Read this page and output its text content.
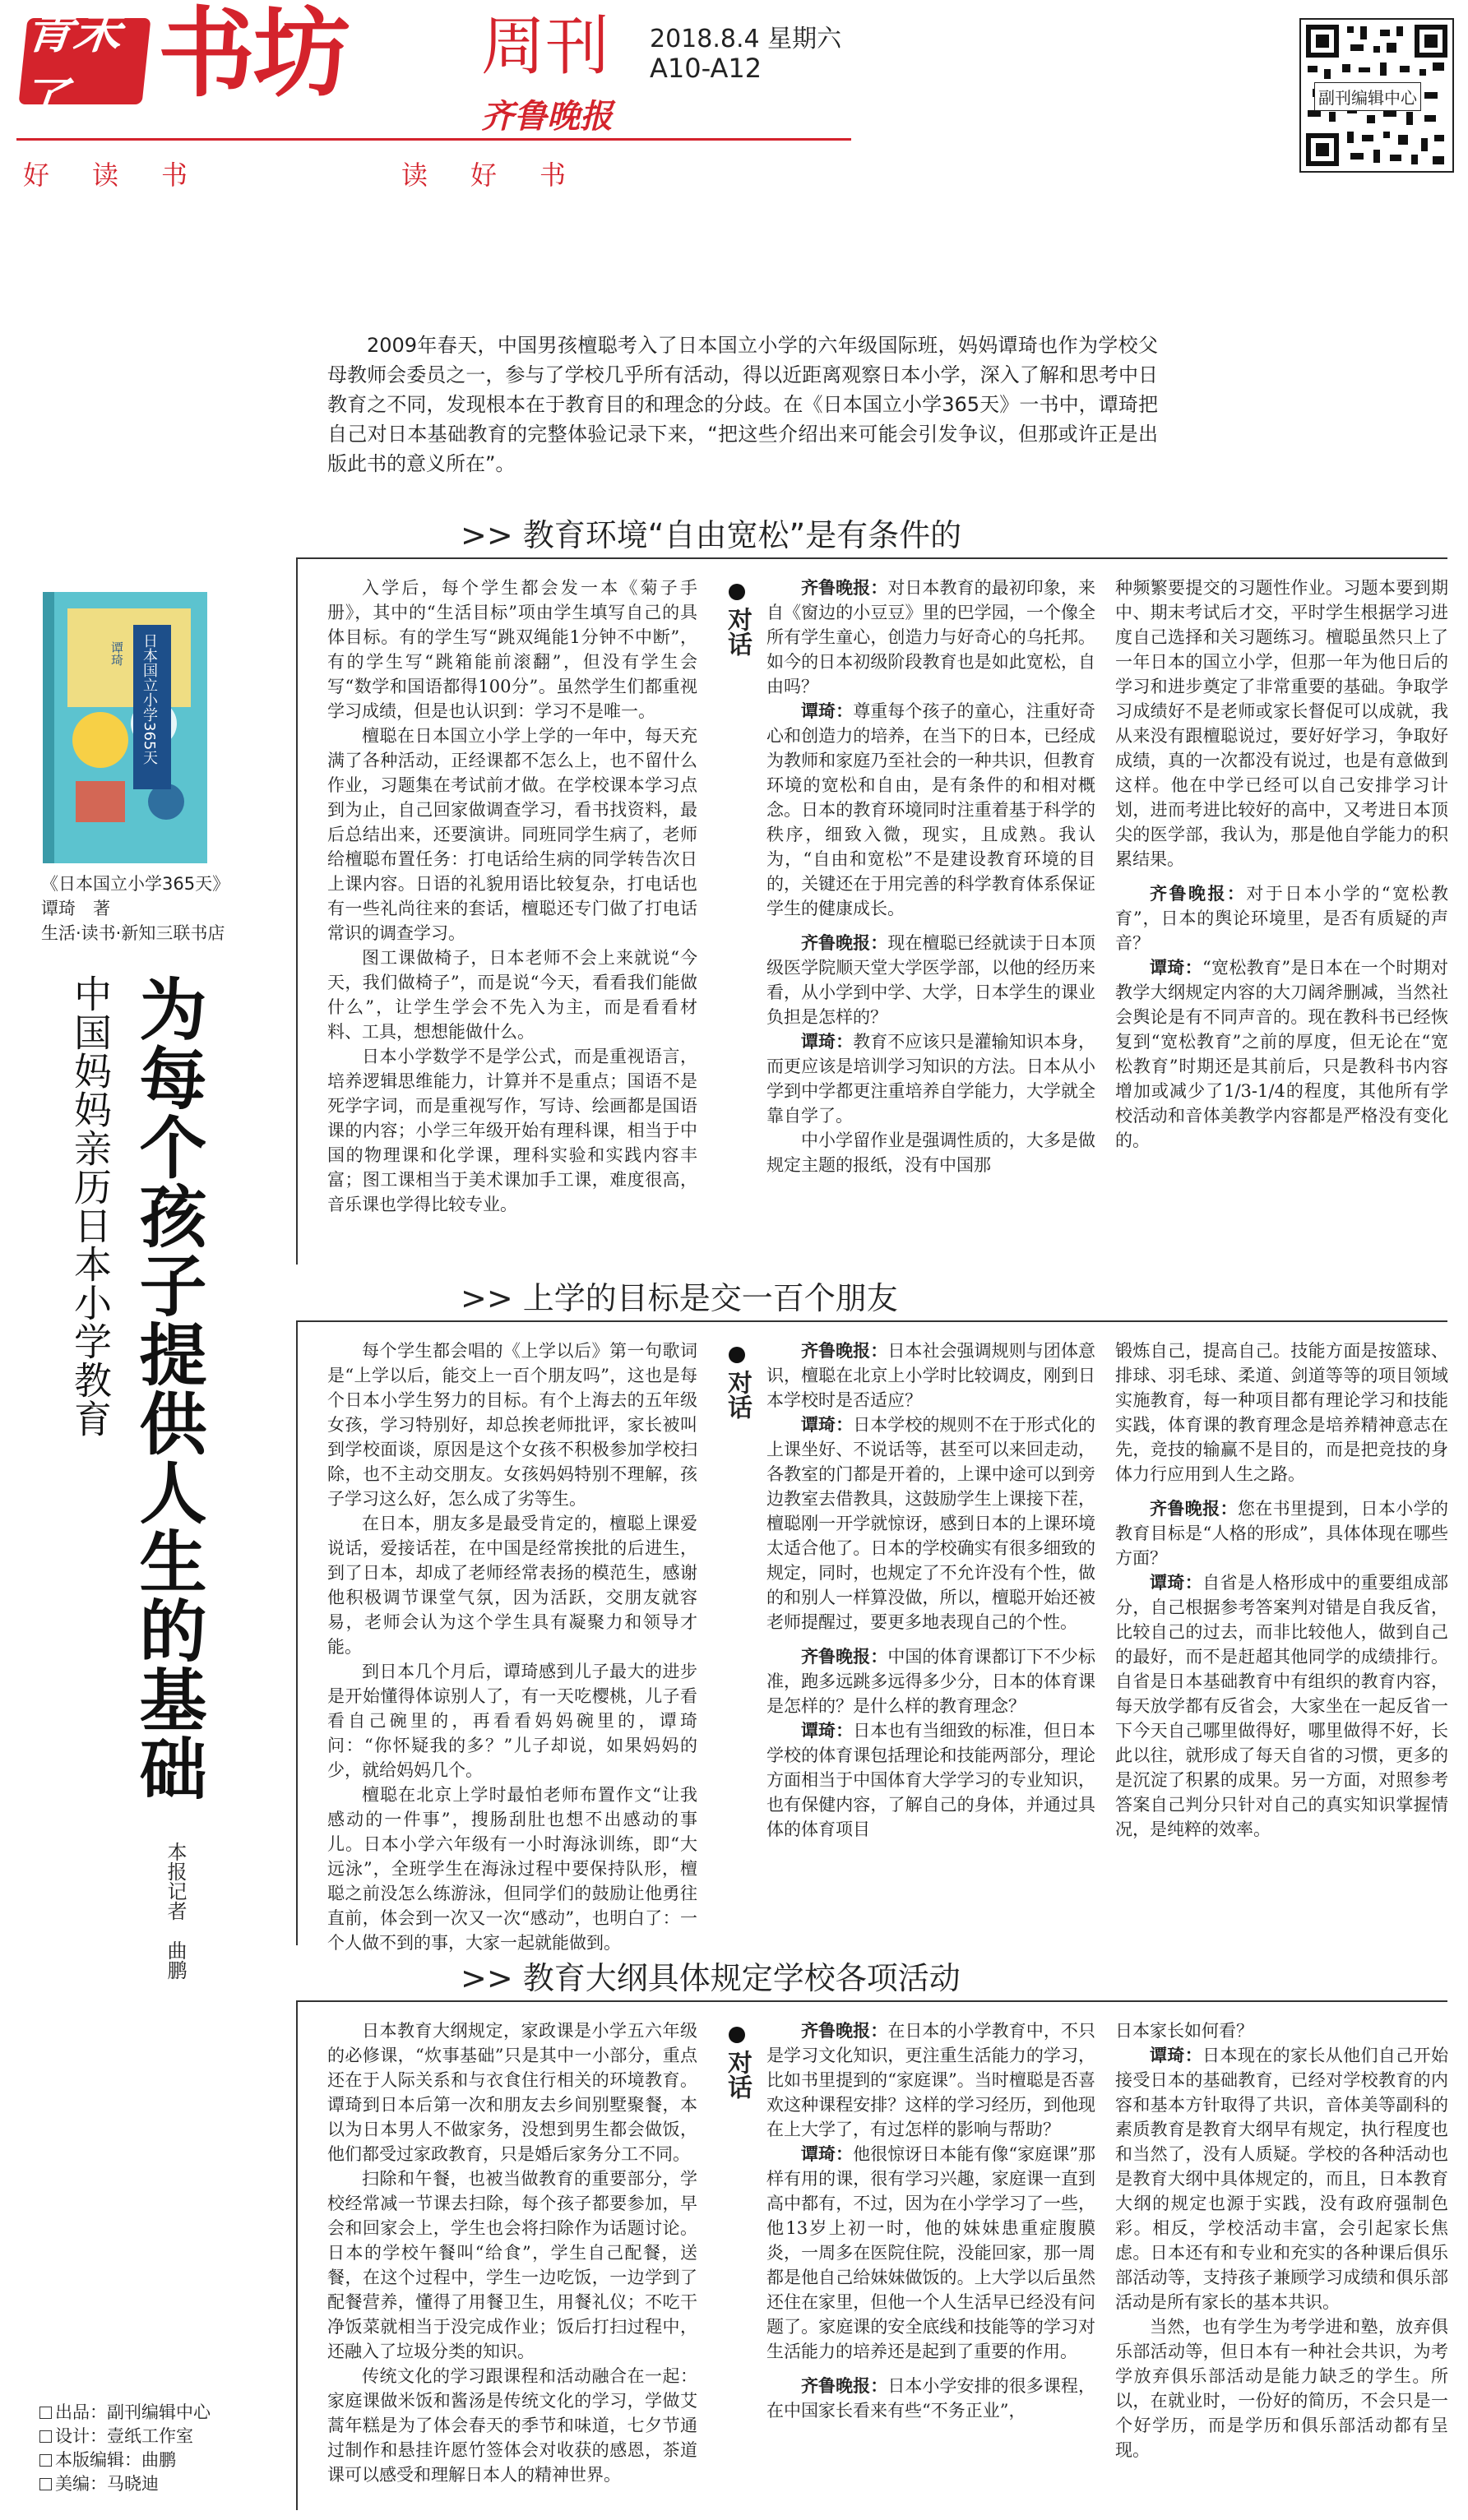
青未了 书坊 周刊
齐鲁晚报
2018.8.4 星期六
A10-A12
好读书	读好书
副刊编辑中心
2009年春天，中国男孩檀聪考入了日本国立小学的六年级国际班，妈妈谭琦也作为学校父母教师会委员之一，参与了学校几乎所有活动，得以近距离观察日本小学，深入了解和思考中日教育之不同，发现根本在于教育目的和理念的分歧。在《日本国立小学365天》一书中，谭琦把自己对日本基础教育的完整体验记录下来，“把这些介绍出来可能会引发争议，但那或许正是出版此书的意义所在”。
日本国立小学365天
谭琦
《日本国立小学365天》
谭琦　著
生活·读书·新知三联书店
为每个孩子提供人生的基础
中国妈妈亲历日本小学教育
本报记者　曲鹏
>> 教育环境“自由宽松”是有条件的

入学后，每个学生都会发一本《菊子手册》，其中的“生活目标”项由学生填写自己的具体目标。有的学生写“跳双绳能1分钟不中断”，有的学生写“跳箱能前滚翻”，但没有学生会写“数学和国语都得100分”。虽然学生们都重视学习成绩，但是也认识到：学习不是唯一。

檀聪在日本国立小学上学的一年中，每天充满了各种活动，正经课都不怎么上，也不留什么作业，习题集在考试前才做。在学校课本学习点到为止，自己回家做调查学习，看书找资料，最后总结出来，还要演讲。同班同学生病了，老师给檀聪布置任务：打电话给生病的同学转告次日上课内容。日语的礼貌用语比较复杂，打电话也有一些礼尚往来的套话，檀聪还专门做了打电话常识的调查学习。

图工课做椅子，日本老师不会上来就说“今天，我们做椅子”，而是说“今天，看看我们能做什么”，让学生学会不先入为主，而是看看材料、工具，想想能做什么。

日本小学数学不是学公式，而是重视语言，培养逻辑思维能力，计算并不是重点；国语不是死学字词，而是重视写作，写诗、绘画都是国语课的内容；小学三年级开始有理科课，相当于中国的物理课和化学课，理科实验和实践内容丰富；图工课相当于美术课加手工课，难度很高，音乐课也学得比较专业。

对话

齐鲁晚报：对日本教育的最初印象，来自《窗边的小豆豆》里的巴学园，一个像全所有学生童心，创造力与好奇心的乌托邦。如今的日本初级阶段教育也是如此宽松，自由吗？

谭琦：尊重每个孩子的童心，注重好奇心和创造力的培养，在当下的日本，已经成为教师和家庭乃至社会的一种共识，但教育环境的宽松和自由，是有条件的和相对概念。日本的教育环境同时注重着基于科学的秩序，细致入微，现实，且成熟。我认为，“自由和宽松”不是建设教育环境的目的，关键还在于用完善的科学教育体系保证学生的健康成长。

齐鲁晚报：现在檀聪已经就读于日本顶级医学院顺天堂大学医学部，以他的经历来看，从小学到中学、大学，日本学生的课业负担是怎样的？

谭琦：教育不应该只是灌输知识本身，而更应该是培训学习知识的方法。日本从小学到中学都更注重培养自学能力，大学就全靠自学了。

中小学留作业是强调性质的，大多是做规定主题的报纸，没有中国那

种频繁要提交的习题性作业。习题本要到期中、期末考试后才交，平时学生根据学习进度自己选择和关习题练习。檀聪虽然只上了一年日本的国立小学，但那一年为他日后的学习和进步奠定了非常重要的基础。争取学习成绩好不是老师或家长督促可以成就，我从来没有跟檀聪说过，要好好学习，争取好成绩，真的一次都没有说过，也是有意做到这样。他在中学已经可以自己安排学习计划，进而考进比较好的高中，又考进日本顶尖的医学部，我认为，那是他自学能力的积累结果。

齐鲁晚报：对于日本小学的“宽松教育”，日本的舆论环境里，是否有质疑的声音？

谭琦：“宽松教育”是日本在一个时期对教学大纲规定内容的大刀阔斧删减，当然社会舆论是有不同声音的。现在教科书已经恢复到“宽松教育”之前的厚度，但无论在“宽松教育”时期还是其前后，只是教科书内容增加或减少了1/3-1/4的程度，其他所有学校活动和音体美教学内容都是严格没有变化的。

>> 上学的目标是交一百个朋友

每个学生都会唱的《上学以后》第一句歌词是“上学以后，能交上一百个朋友吗”，这也是每个日本小学生努力的目标。有个上海去的五年级女孩，学习特别好，却总挨老师批评，家长被叫到学校面谈，原因是这个女孩不积极参加学校扫除，也不主动交朋友。女孩妈妈特别不理解，孩子学习这么好，怎么成了劣等生。

在日本，朋友多是最受肯定的，檀聪上课爱说话，爱接话茬，在中国是经常挨批的后进生，到了日本，却成了老师经常表扬的模范生，感谢他积极调节课堂气氛，因为活跃，交朋友就容易，老师会认为这个学生具有凝聚力和领导才能。

到日本几个月后，谭琦感到儿子最大的进步是开始懂得体谅别人了，有一天吃樱桃，儿子看看自己碗里的，再看看妈妈碗里的，谭琦问：“你怀疑我的多？”儿子却说，如果妈妈的少，就给妈妈几个。

檀聪在北京上学时最怕老师布置作文“让我感动的一件事”，搜肠刮肚也想不出感动的事儿。日本小学六年级有一小时海泳训练，即“大远泳”，全班学生在海泳过程中要保持队形，檀聪之前没怎么练游泳，但同学们的鼓励让他勇往直前，体会到一次又一次“感动”，也明白了：一个人做不到的事，大家一起就能做到。

对话

齐鲁晚报：日本社会强调规则与团体意识，檀聪在北京上小学时比较调皮，刚到日本学校时是否适应？

谭琦：日本学校的规则不在于形式化的上课坐好、不说话等，甚至可以来回走动，各教室的门都是开着的，上课中途可以到旁边教室去借教具，这鼓励学生上课接下茬，檀聪刚一开学就惊讶，感到日本的上课环境太适合他了。日本的学校确实有很多细致的规定，同时，也规定了不允许没有个性，做的和别人一样算没做，所以，檀聪开始还被老师提醒过，要更多地表现自己的个性。

齐鲁晚报：中国的体育课都订下不少标准，跑多远跳多远得多少分，日本的体育课是怎样的？是什么样的教育理念？

谭琦：日本也有当细致的标准，但日本学校的体育课包括理论和技能两部分，理论方面相当于中国体育大学学习的专业知识，也有保健内容，了解自己的身体，并通过具体的体育项目

锻炼自己，提高自己。技能方面是按篮球、排球、羽毛球、柔道、剑道等等的项目领域实施教育，每一种项目都有理论学习和技能实践，体育课的教育理念是培养精神意志在先，竞技的输赢不是目的，而是把竞技的身体力行应用到人生之路。

齐鲁晚报：您在书里提到，日本小学的教育目标是“人格的形成”，具体体现在哪些方面？

谭琦：自省是人格形成中的重要组成部分，自己根据参考答案判对错是自我反省，比较自己的过去，而非比较他人，做到自己的最好，而不是赶超其他同学的成绩排行。自省是日本基础教育中有组织的教育内容，每天放学都有反省会，大家坐在一起反省一下今天自己哪里做得好，哪里做得不好，长此以往，就形成了每天自省的习惯，更多的是沉淀了积累的成果。另一方面，对照参考答案自己判分只针对自己的真实知识掌握情况，是纯粹的效率。

>> 教育大纲具体规定学校各项活动

日本教育大纲规定，家政课是小学五六年级的必修课，“炊事基础”只是其中一小部分，重点还在于人际关系和与衣食住行相关的环境教育。谭琦到日本后第一次和朋友去乡间别墅聚餐，本以为日本男人不做家务，没想到男生都会做饭，他们都受过家政教育，只是婚后家务分工不同。

扫除和午餐，也被当做教育的重要部分，学校经常减一节课去扫除，每个孩子都要参加，早会和回家会上，学生也会将扫除作为话题讨论。日本的学校午餐叫“给食”，学生自己配餐，送餐，在这个过程中，学生一边吃饭，一边学到了配餐营养，懂得了用餐卫生，用餐礼仪；不吃干净饭菜就相当于没完成作业；饭后打扫过程中，还融入了垃圾分类的知识。

传统文化的学习跟课程和活动融合在一起：家庭课做米饭和酱汤是传统文化的学习，学做艾蒿年糕是为了体会春天的季节和味道，七夕节通过制作和悬挂许愿竹签体会对收获的感恩，茶道课可以感受和理解日本人的精神世界。

对话

齐鲁晚报：在日本的小学教育中，不只是学习文化知识，更注重生活能力的学习，比如书里提到的“家庭课”。当时檀聪是否喜欢这种课程安排？这样的学习经历，到他现在上大学了，有过怎样的影响与帮助？

谭琦：他很惊讶日本能有像“家庭课”那样有用的课，很有学习兴趣，家庭课一直到高中都有，不过，因为在小学学习了一些，他13岁上初一时，他的妹妹患重症腹膜炎，一周多在医院住院，没能回家，那一周都是他自己给妹妹做饭的。上大学以后虽然还住在家里，但他一个人生活早已经没有问题了。家庭课的安全底线和技能等的学习对生活能力的培养还是起到了重要的作用。

齐鲁晚报：日本小学安排的很多课程，在中国家长看来有些“不务正业”，

日本家长如何看？

谭琦：日本现在的家长从他们自己开始接受日本的基础教育，已经对学校教育的内容和基本方针取得了共识，音体美等副科的素质教育是教育大纲早有规定，执行程度也和当然了，没有人质疑。学校的各种活动也是教育大纲中具体规定的，而且，日本教育大纲的规定也源于实践，没有政府强制色彩。相反，学校活动丰富，会引起家长焦虑。日本还有和专业和充实的各种课后俱乐部活动等，支持孩子兼顾学习成绩和俱乐部活动是所有家长的基本共识。

当然，也有学生为考学进和塾，放弃俱乐部活动等，但日本有一种社会共识，为考学放弃俱乐部活动是能力缺乏的学生。所以，在就业时，一份好的简历，不会只是一个好学历，而是学历和俱乐部活动都有呈现。

出品：副刊编辑中心
设计：壹纸工作室
本版编辑：曲鹏
美编：马晓迪
